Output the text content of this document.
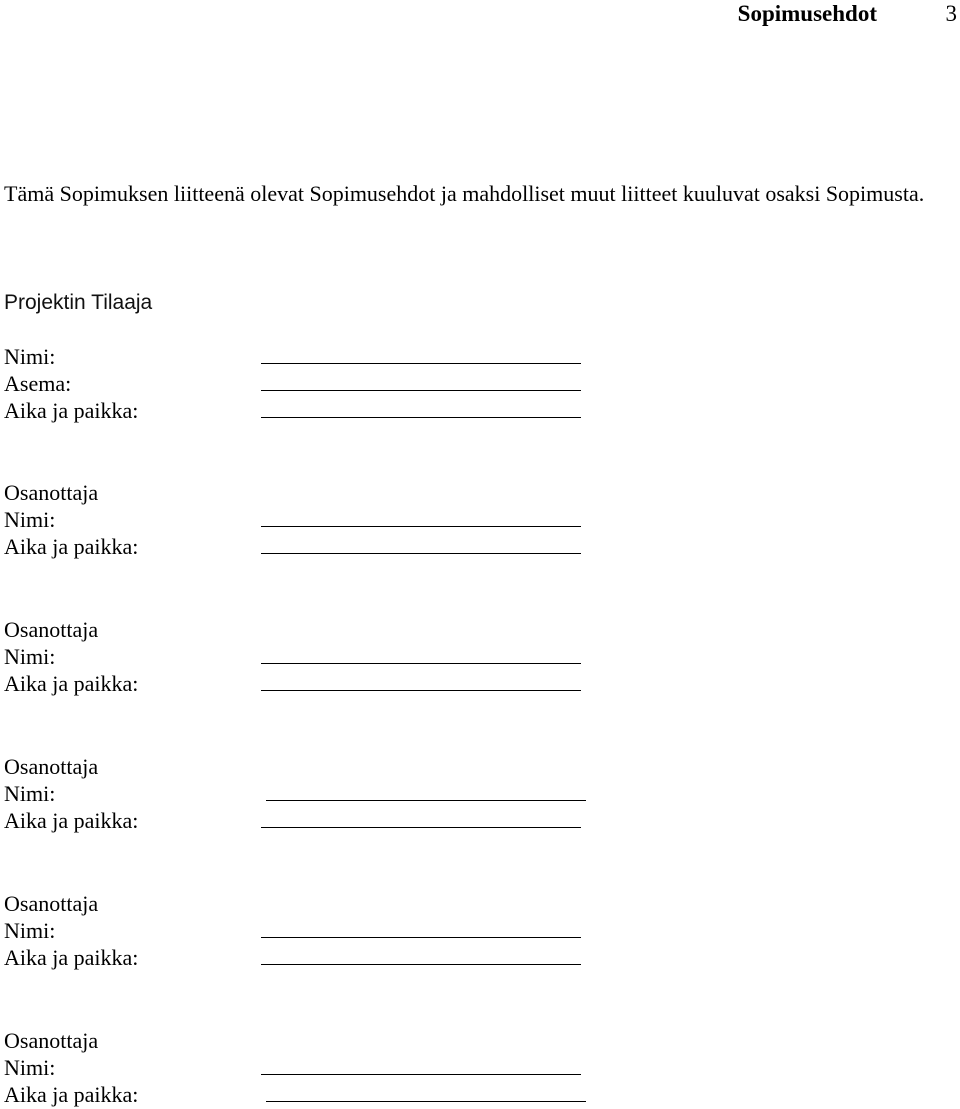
Sopimusehdot	3
Tämä Sopimuksen liitteenä olevat Sopimusehdot ja mahdolliset muut liitteet kuuluvat osaksi Sopimusta.
Projektin Tilaaja
Nimi:
Asema:
Aika ja paikka:
Osanottaja
Nimi:
Aika ja paikka:
Osanottaja
Nimi:
Aika ja paikka:
Osanottaja
Nimi:
Aika ja paikka:
Osanottaja
Nimi:
Aika ja paikka:
Osanottaja
Nimi:
Aika ja paikka:
